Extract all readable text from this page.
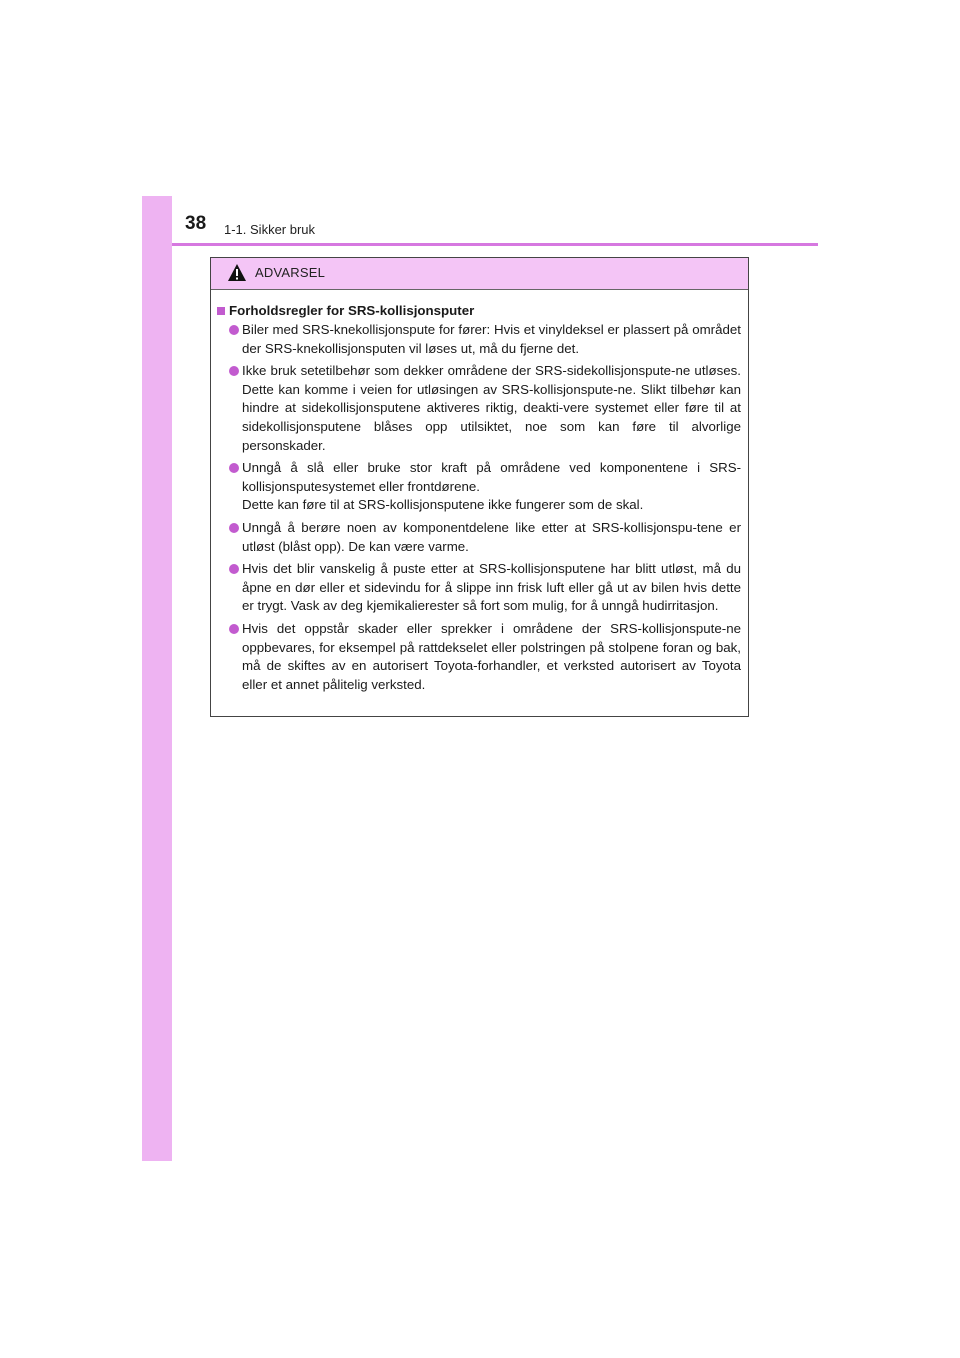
38 1-1. Sikker bruk
ADVARSEL
Forholdsregler for SRS-kollisjonsputer
Biler med SRS-knekollisjonspute for fører: Hvis et vinyldeksel er plassert på området der SRS-knekollisjonsputen vil løses ut, må du fjerne det.
Ikke bruk setetilbehør som dekker områdene der SRS-sidekollisjonspute-ne utløses. Dette kan komme i veien for utløsingen av SRS-kollisjonspute-ne. Slikt tilbehør kan hindre at sidekollisjonsputene aktiveres riktig, deakti-vere systemet eller føre til at sidekollisjonsputene blåses opp utilsiktet, noe som kan føre til alvorlige personskader.
Unngå å slå eller bruke stor kraft på områdene ved komponentene i SRS-kollisjonsputesystemet eller frontdørene.
Dette kan føre til at SRS-kollisjonsputene ikke fungerer som de skal.
Unngå å berøre noen av komponentdelene like etter at SRS-kollisjonspu-tene er utløst (blåst opp). De kan være varme.
Hvis det blir vanskelig å puste etter at SRS-kollisjonsputene har blitt utløst, må du åpne en dør eller et sidevindu for å slippe inn frisk luft eller gå ut av bilen hvis dette er trygt. Vask av deg kjemikalierester så fort som mulig, for å unngå hudirritasjon.
Hvis det oppstår skader eller sprekker i områdene der SRS-kollisjonspute-ne oppbevares, for eksempel på rattdekselet eller polstringen på stolpene foran og bak, må de skiftes av en autorisert Toyota-forhandler, et verksted autorisert av Toyota eller et annet pålitelig verksted.
